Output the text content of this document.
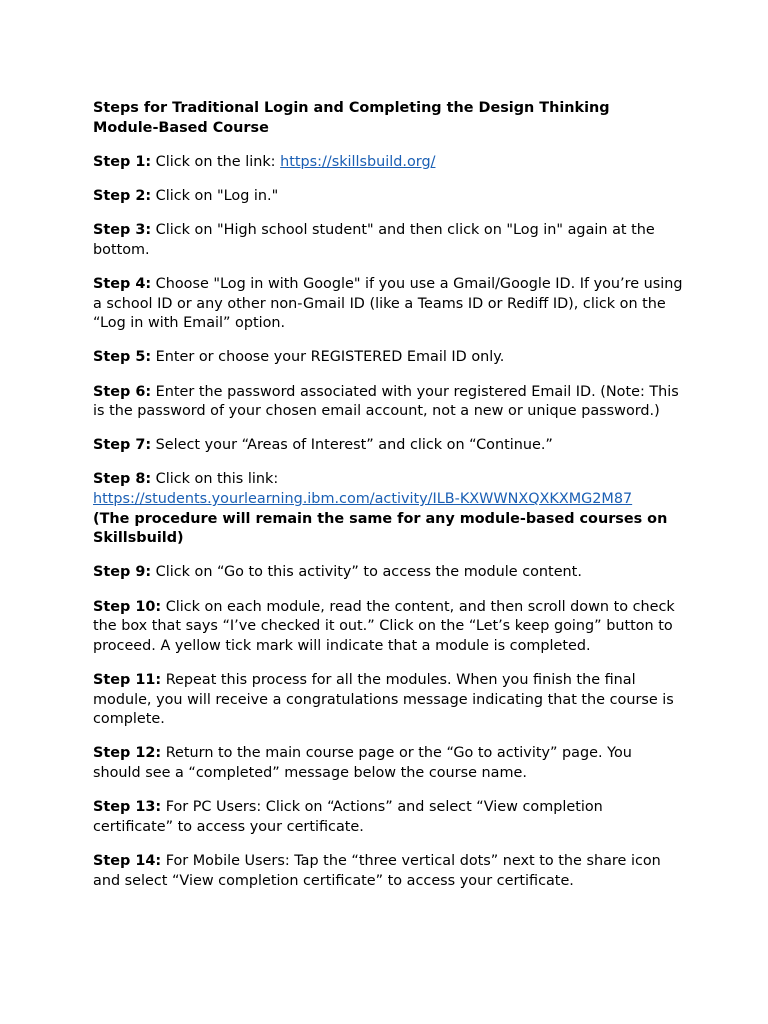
Steps for Traditional Login and Completing the Design Thinking
Module-Based Course
Step 1: Click on the link: https://skillsbuild.org/
Step 2: Click on "Log in."
Step 3: Click on "High school student" and then click on "Log in" again at the bottom.
Step 4: Choose "Log in with Google" if you use a Gmail/Google ID. If you’re using a school ID or any other non-Gmail ID (like a Teams ID or Rediff ID), click on the “Log in with Email” option.
Step 5: Enter or choose your REGISTERED Email ID only.
Step 6: Enter the password associated with your registered Email ID. (Note: This is the password of your chosen email account, not a new or unique password.)
Step 7: Select your “Areas of Interest” and click on “Continue.”
Step 8: Click on this link:
https://students.yourlearning.ibm.com/activity/ILB-KXWWNXQXKXMG2M87
(The procedure will remain the same for any module-based courses on Skillsbuild)
Step 9: Click on “Go to this activity” to access the module content.
Step 10: Click on each module, read the content, and then scroll down to check the box that says “I’ve checked it out.” Click on the “Let’s keep going” button to proceed. A yellow tick mark will indicate that a module is completed.
Step 11: Repeat this process for all the modules. When you finish the final module, you will receive a congratulations message indicating that the course is complete.
Step 12: Return to the main course page or the “Go to activity” page. You should see a “completed” message below the course name.
Step 13: For PC Users: Click on “Actions” and select “View completion certificate” to access your certificate.
Step 14: For Mobile Users: Tap the “three vertical dots” next to the share icon and select “View completion certificate” to access your certificate.
